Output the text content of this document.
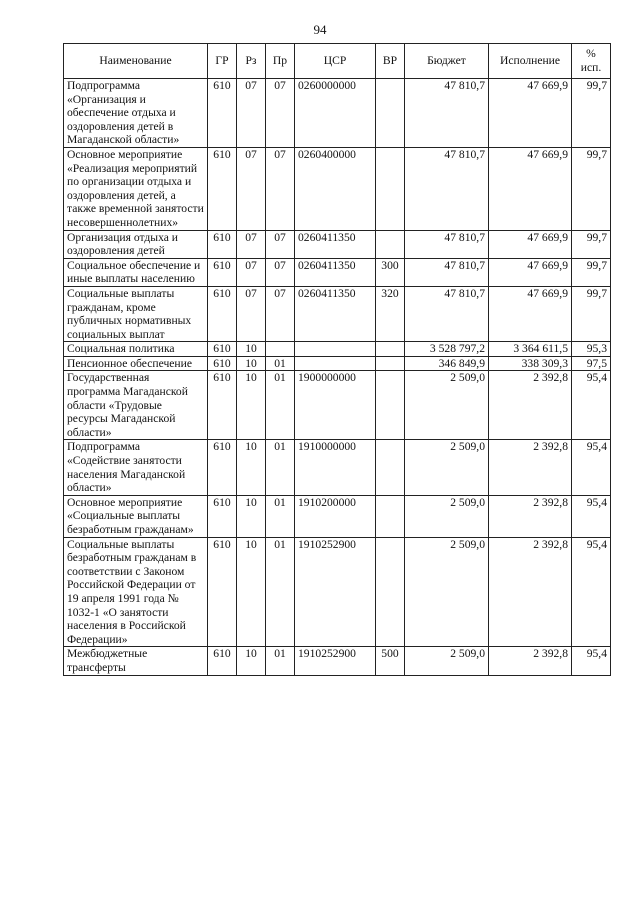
94
Наименование	ГР	Рз	Пр	ЦСР	ВР	Бюджет	Исполнение	% исп.
Подпрограмма «Организация и обеспечение отдыха и оздоровления детей в Магаданской области»	610	07	07	0260000000		47 810,7	47 669,9	99,7
Основное мероприятие «Реализация мероприятий по организации отдыха и оздоровления детей, а также временной занятости несовершеннолетних»	610	07	07	0260400000		47 810,7	47 669,9	99,7
Организация отдыха и оздоровления детей	610	07	07	0260411350		47 810,7	47 669,9	99,7
Социальное обеспечение и иные выплаты населению	610	07	07	0260411350	300	47 810,7	47 669,9	99,7
Социальные выплаты гражданам, кроме публичных нормативных социальных выплат	610	07	07	0260411350	320	47 810,7	47 669,9	99,7
Социальная политика	610	10				3 528 797,2	3 364 611,5	95,3
Пенсионное обеспечение	610	10	01			346 849,9	338 309,3	97,5
Государственная программа Магаданской области «Трудовые ресурсы Магаданской области»	610	10	01	1900000000		2 509,0	2 392,8	95,4
Подпрограмма «Содействие занятости населения Магаданской области»	610	10	01	1910000000		2 509,0	2 392,8	95,4
Основное мероприятие «Социальные выплаты безработным гражданам»	610	10	01	1910200000		2 509,0	2 392,8	95,4
Социальные выплаты безработным гражданам в соответствии с Законом Российской Федерации от 19 апреля 1991 года № 1032-1 «О занятости населения в Российской Федерации»	610	10	01	1910252900		2 509,0	2 392,8	95,4
Межбюджетные трансферты	610	10	01	1910252900	500	2 509,0	2 392,8	95,4
